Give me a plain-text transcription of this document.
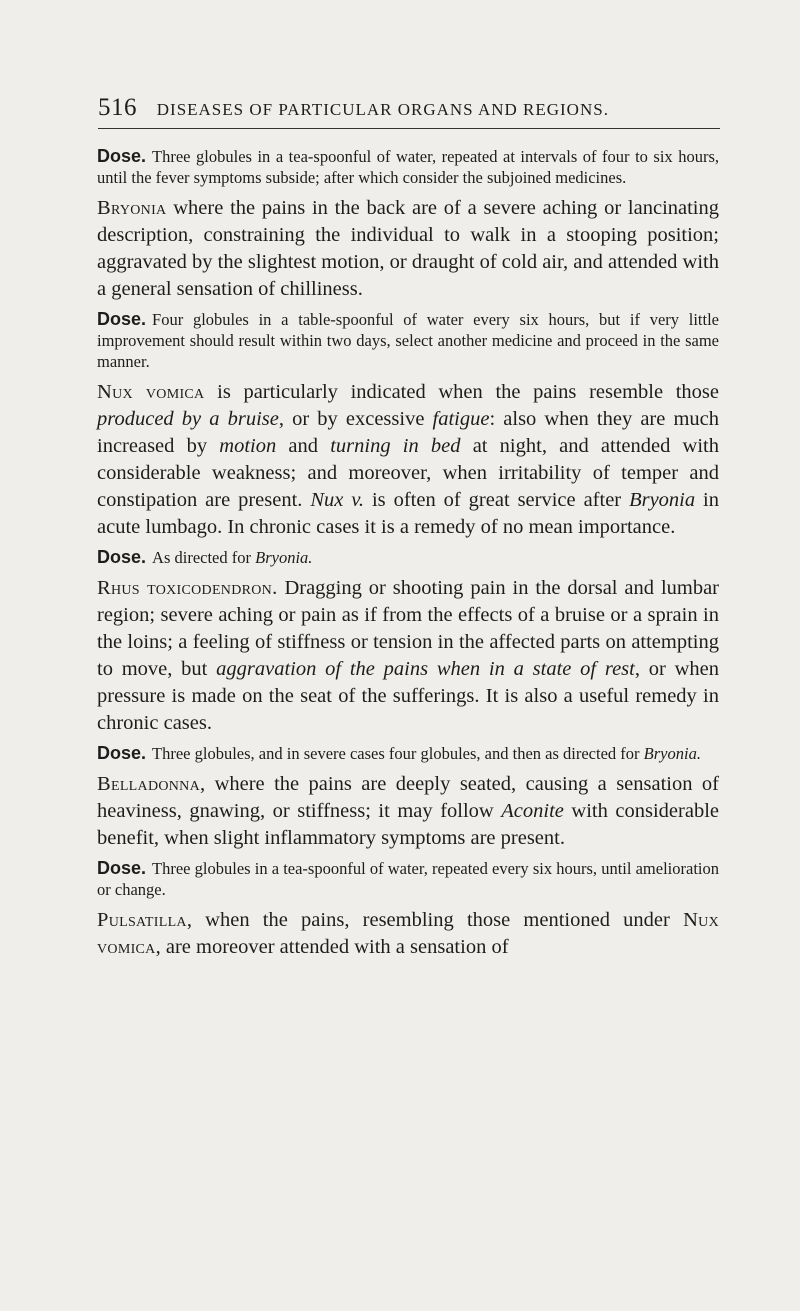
516 DISEASES OF PARTICULAR ORGANS AND REGIONS.

Dose. Three globules in a tea-spoonful of water, repeated at intervals of four to six hours, until the fever symptoms subside; after which consider the subjoined medicines.

Bryonia where the pains in the back are of a severe aching or lancinating description, constraining the individual to walk in a stooping position; aggravated by the slightest motion, or draught of cold air, and attended with a general sensation of chilliness.

Dose. Four globules in a table-spoonful of water every six hours, but if very little improvement should result within two days, select another medicine and proceed in the same manner.

Nux vomica is particularly indicated when the pains resemble those produced by a bruise, or by excessive fatigue: also when they are much increased by motion and turning in bed at night, and attended with considerable weakness; and moreover, when irritability of temper and constipation are present. Nux v. is often of great service after Bryonia in acute lumbago. In chronic cases it is a remedy of no mean importance.

Dose. As directed for Bryonia.

Rhus toxicodendron. Dragging or shooting pain in the dorsal and lumbar region; severe aching or pain as if from the effects of a bruise or a sprain in the loins; a feeling of stiffness or tension in the affected parts on attempting to move, but aggravation of the pains when in a state of rest, or when pressure is made on the seat of the sufferings. It is also a useful remedy in chronic cases.

Dose. Three globules, and in severe cases four globules, and then as directed for Bryonia.

Belladonna, where the pains are deeply seated, causing a sensation of heaviness, gnawing, or stiffness; it may follow Aconite with considerable benefit, when slight inflammatory symptoms are present.

Dose. Three globules in a tea-spoonful of water, repeated every six hours, until amelioration or change.

Pulsatilla, when the pains, resembling those mentioned under Nux vomica, are moreover attended with a sensation of
